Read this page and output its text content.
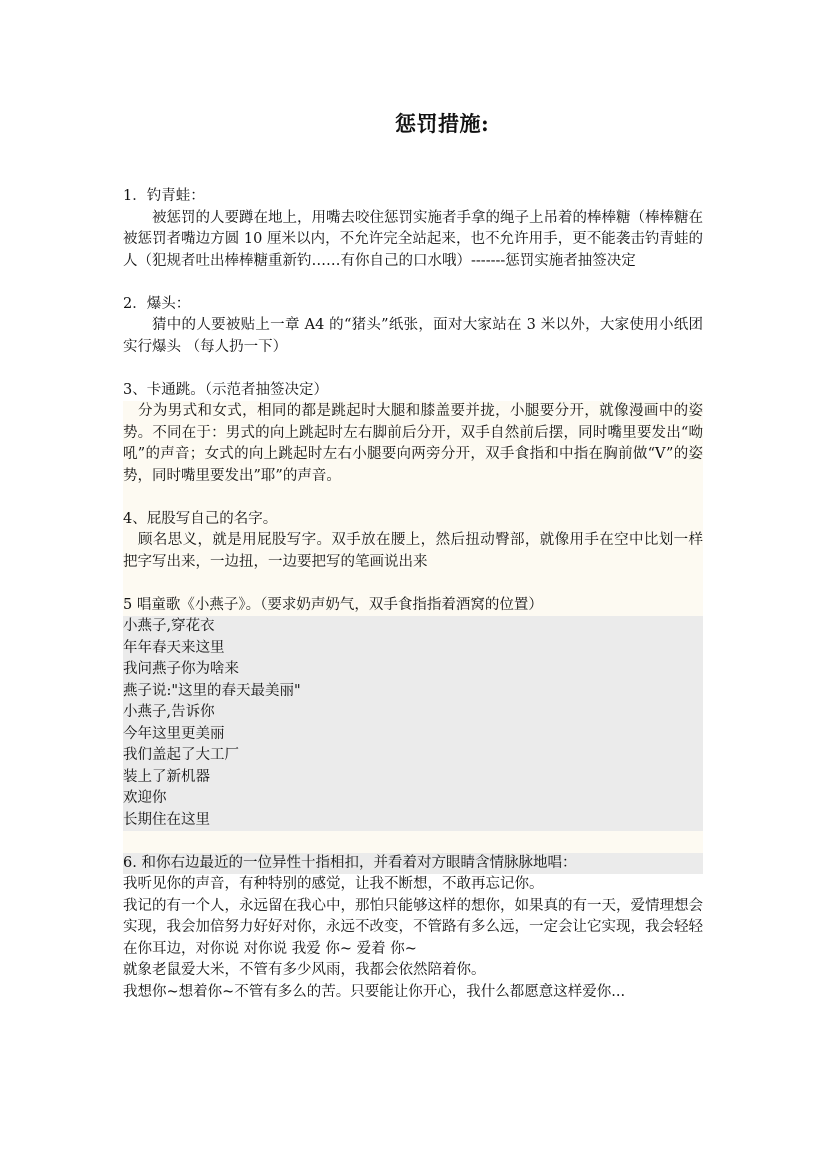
惩罚措施:
1．钓青蛙：
被惩罚的人要蹲在地上，用嘴去咬住惩罚实施者手拿的绳子上吊着的棒棒糖（棒棒糖在被惩罚者嘴边方圆 10 厘米以内，不允许完全站起来，也不允许用手，更不能袭击钓青蛙的人（犯规者吐出棒棒糖重新钓……有你自己的口水哦）-------惩罚实施者抽签决定
2．爆头：
猜中的人要被贴上一章 A4 的“猪头”纸张，面对大家站在 3 米以外，大家使用小纸团实行爆头 （每人扔一下）
3、卡通跳。（示范者抽签决定）
分为男式和女式，相同的都是跳起时大腿和膝盖要并拢，小腿要分开，就像漫画中的姿势。不同在于：男式的向上跳起时左右脚前后分开，双手自然前后摆，同时嘴里要发出“呦吼”的声音；女式的向上跳起时左右小腿要向两旁分开，双手食指和中指在胸前做“V”的姿势，同时嘴里要发出”耶”的声音。
4、屁股写自己的名字。
顾名思义，就是用屁股写字。双手放在腰上，然后扭动臀部，就像用手在空中比划一样把字写出来，一边扭，一边要把写的笔画说出来
5 唱童歌《小燕子》。（要求奶声奶气，双手食指指着酒窝的位置）
小燕子,穿花衣
年年春天来这里
我问燕子你为啥来
燕子说:"这里的春天最美丽"
小燕子,告诉你
今年这里更美丽
我们盖起了大工厂
装上了新机器
欢迎你
长期住在这里
6. 和你右边最近的一位异性十指相扣，并看着对方眼睛含情脉脉地唱：
我听见你的声音，有种特别的感觉，让我不断想，不敢再忘记你。
我记的有一个人，永远留在我心中，那怕只能够这样的想你，如果真的有一天，爱情理想会实现，我会加倍努力好好对你，永远不改变，不管路有多么远，一定会让它实现，我会轻轻在你耳边，对你说 对你说 我爱 你~ 爱着 你~
就象老鼠爱大米，不管有多少风雨，我都会依然陪着你。
我想你~想着你~不管有多么的苦。只要能让你开心，我什么都愿意这样爱你...
